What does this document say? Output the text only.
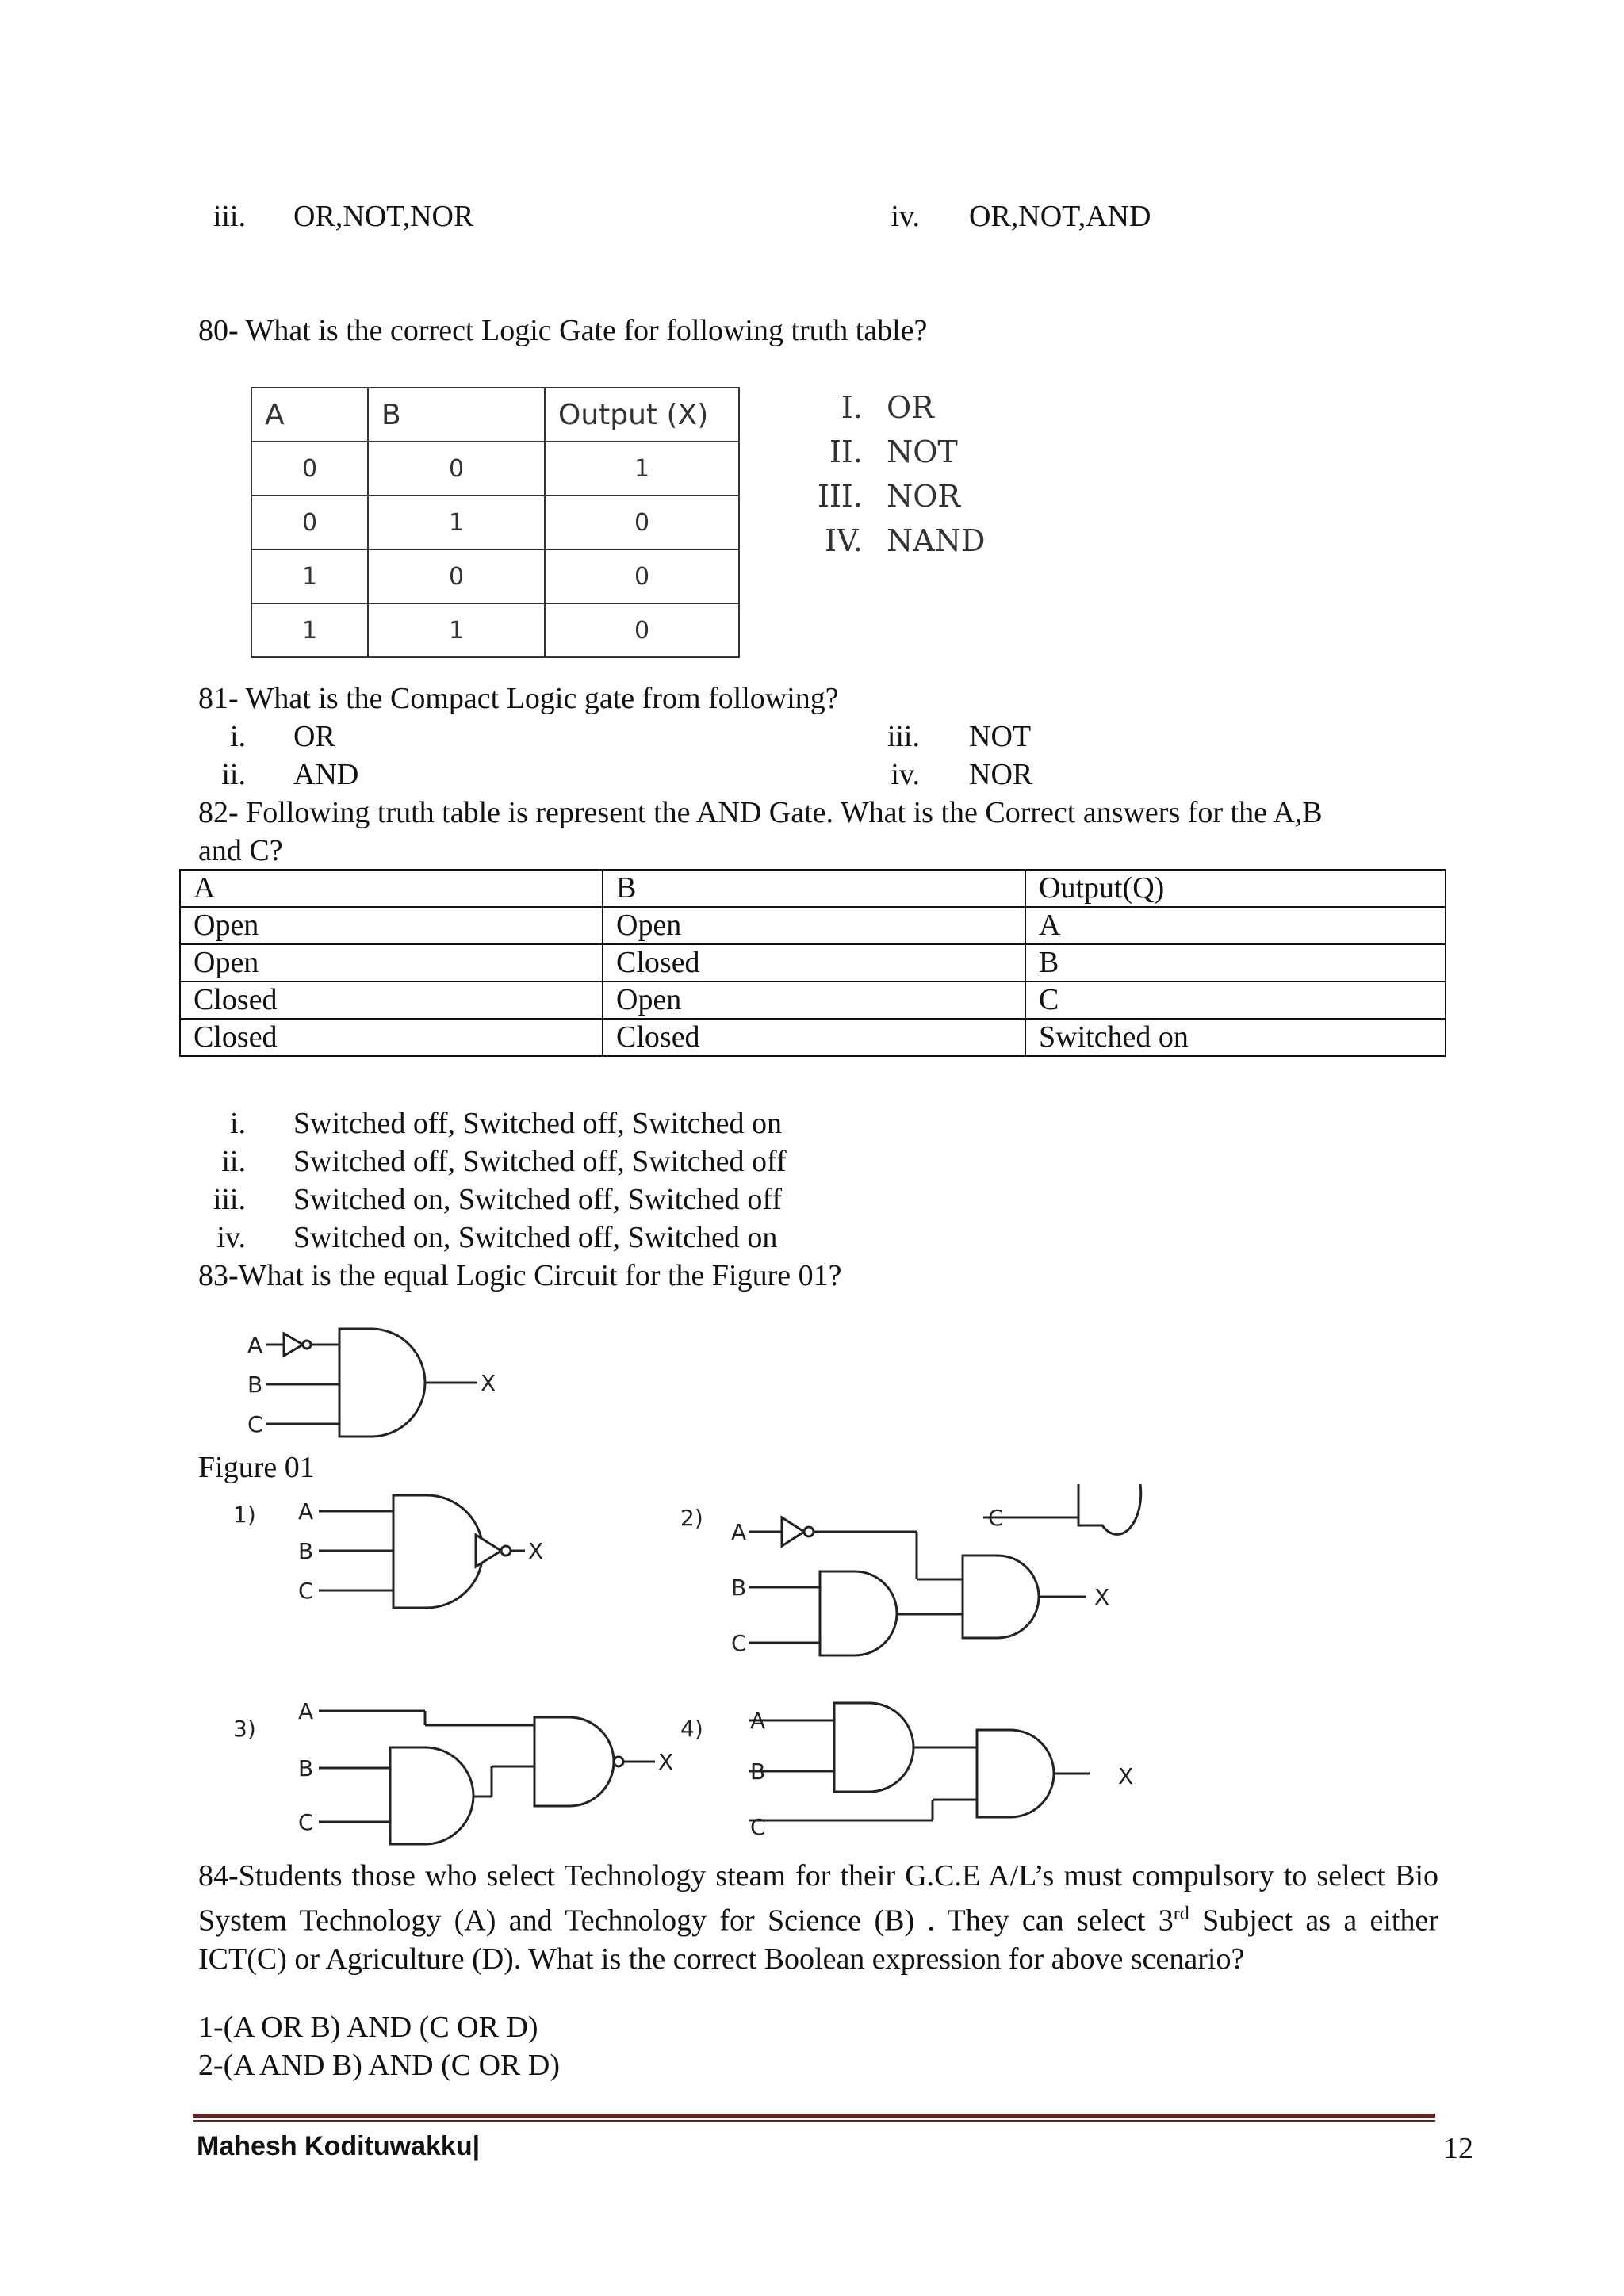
iii. OR,NOT,NOR	iv. OR,NOT,AND
80- What is the correct Logic Gate for following truth table?
A	B	Output (X)
0	0	1
0	1	0
1	0	0
1	1	0
I. OR
II. NOT
III. NOR
IV. NAND
81- What is the Compact Logic gate from following?
i. OR	iii. NOT
ii. AND	iv. NOR
82- Following truth table is represent the AND Gate. What is the Correct answers for the A,B
and C?
A	B	Output(Q)
Open	Open	A
Open	Closed	B
Closed	Open	C
Closed	Closed	Switched on
i. Switched off, Switched off, Switched on
ii. Switched off, Switched off, Switched off
iii. Switched on, Switched off, Switched off
iv. Switched on, Switched off, Switched on
83-What is the equal Logic Circuit for the Figure 01?
A
B
C
X
Figure 01
1) A
B
C
X
2)
A
B
C
C
X
3)
A
B
C
X
4) A
B
C
X
84-Students those who select Technology steam for their G.C.E A/L’s must compulsory to select Bio System Technology (A) and Technology for Science (B) . They can select 3rd Subject as a either ICT(C) or Agriculture (D). What is the correct Boolean expression for above scenario?
1-(A OR B) AND (C OR D)
2-(A AND B) AND (C OR D)
Mahesh Kodituwakku|	12
